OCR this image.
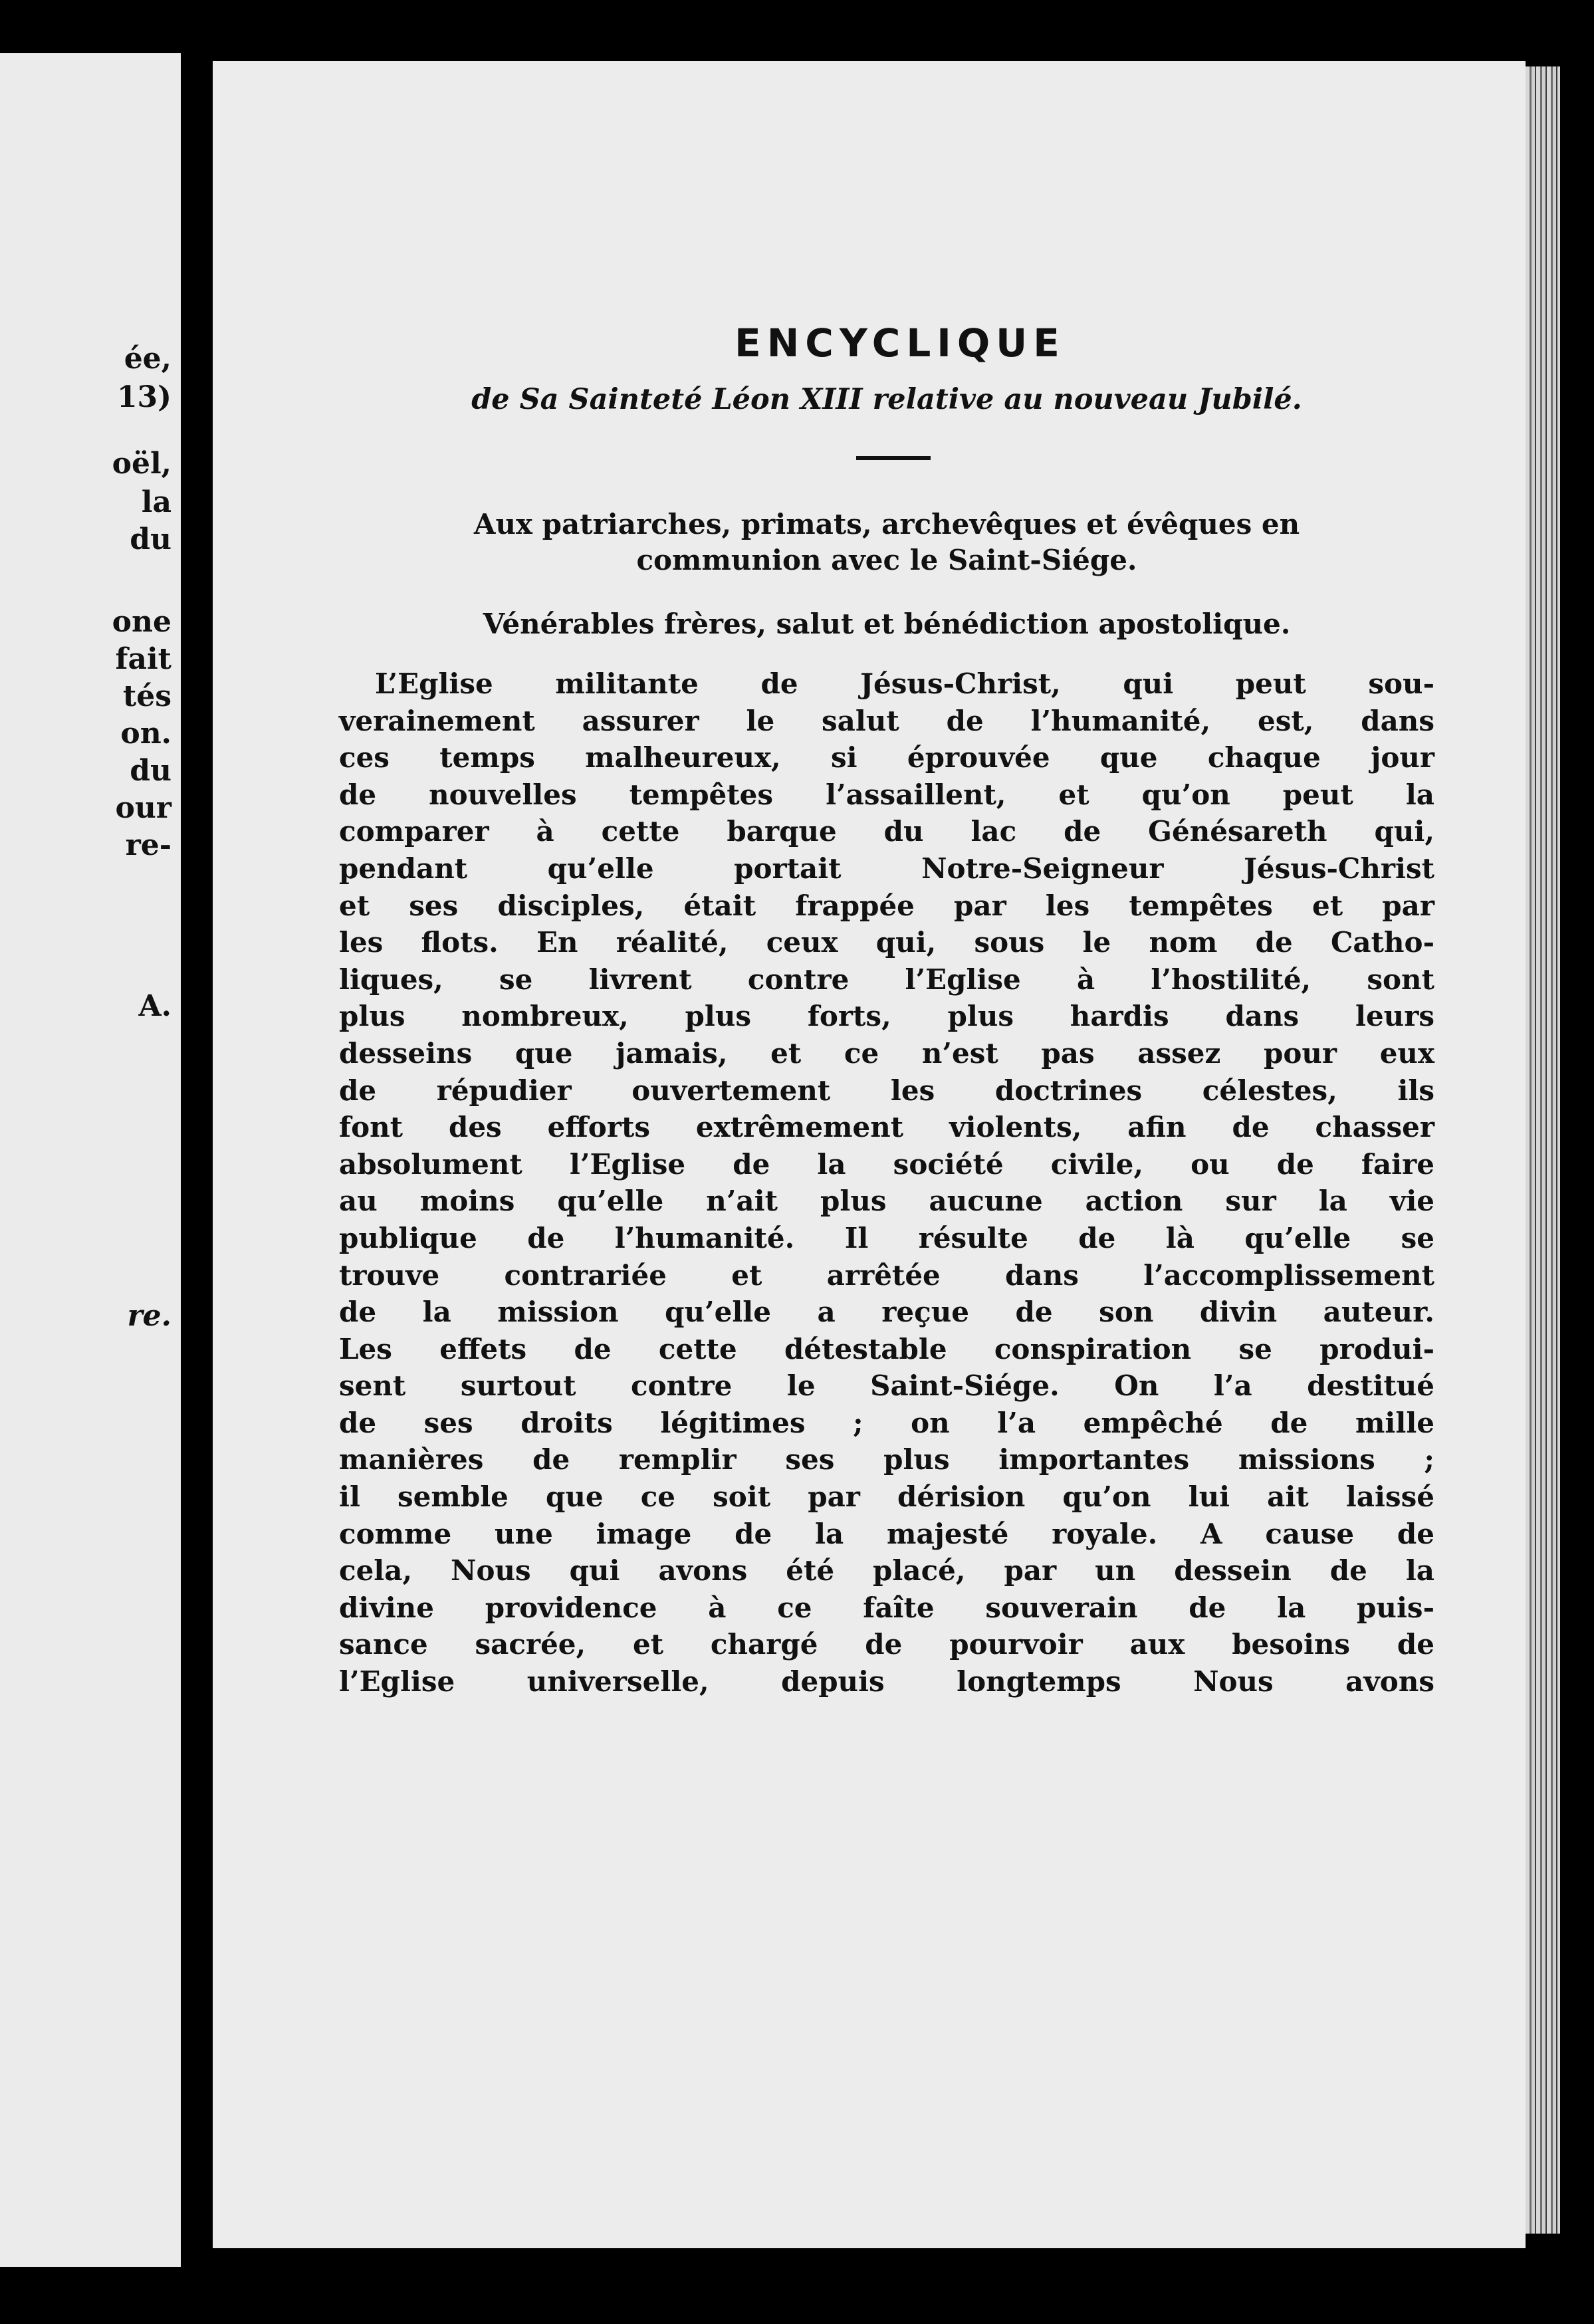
ée,
13)
oël,
la
du
one
fait
tés
on.
du
our
re-
A.
re.
ENCYCLIQUE

de Sa Sainteté Léon XIII relative au nouveau Jubilé.

Aux patriarches, primats, archevêques et évêques en
communion avec le Saint-Siége.

Vénérables frères, salut et bénédiction apostolique.

L’Eglise militante de Jésus-Christ, qui peut sou-
verainement assurer le salut de l’humanité, est, dans
ces temps malheureux, si éprouvée que chaque jour
de nouvelles tempêtes l’assaillent, et qu’on peut la
comparer à cette barque du lac de Génésareth qui,
pendant qu’elle portait Notre-Seigneur Jésus-Christ
et ses disciples, était frappée par les tempêtes et par
les flots. En réalité, ceux qui, sous le nom de Catho-
liques, se livrent contre l’Eglise à l’hostilité, sont
plus nombreux, plus forts, plus hardis dans leurs
desseins que jamais, et ce n’est pas assez pour eux
de répudier ouvertement les doctrines célestes, ils
font des efforts extrêmement violents, afin de chasser
absolument l’Eglise de la société civile, ou de faire
au moins qu’elle n’ait plus aucune action sur la vie
publique de l’humanité. Il résulte de là qu’elle se
trouve contrariée et arrêtée dans l’accomplissement
de la mission qu’elle a reçue de son divin auteur.
Les effets de cette détestable conspiration se produi-
sent surtout contre le Saint-Siége. On l’a destitué
de ses droits légitimes ; on l’a empêché de mille
manières de remplir ses plus importantes missions ;
il semble que ce soit par dérision qu’on lui ait laissé
comme une image de la majesté royale. A cause de
cela, Nous qui avons été placé, par un dessein de la
divine providence à ce faîte souverain de la puis-
sance sacrée, et chargé de pourvoir aux besoins de
l’Eglise universelle, depuis longtemps Nous avons
